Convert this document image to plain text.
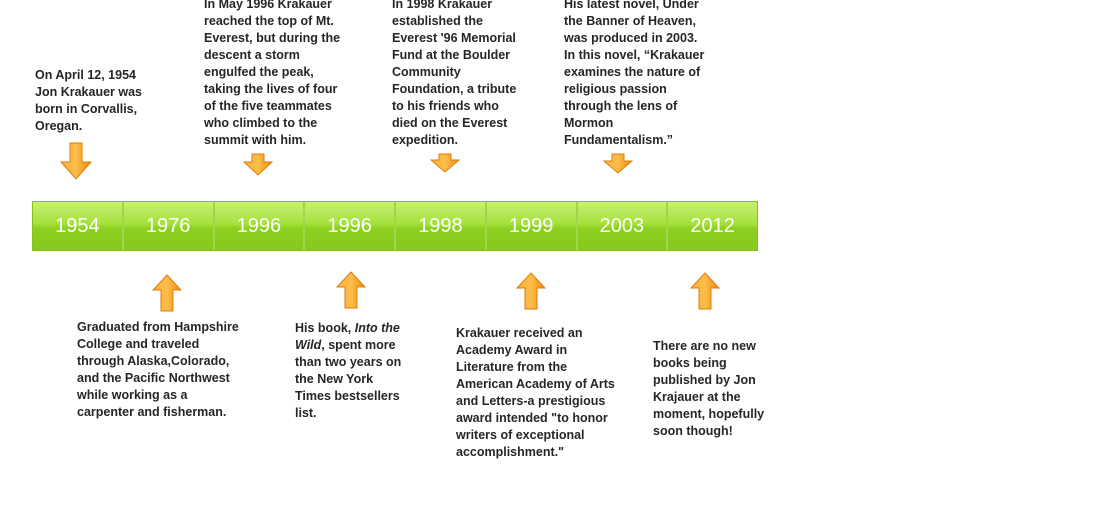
On April 12, 1954
Jon Krakauer was
born in Corvallis,
Oregan.
In May 1996 Krakauer
reached the top of Mt.
Everest, but during the
descent a storm
engulfed the peak,
taking the lives of four
of the five teammates
who climbed to the
summit with him.
In 1998 Krakauer
established the
Everest '96 Memorial
Fund at the Boulder
Community
Foundation, a tribute
to his friends who
died on the Everest
expedition.
His latest novel, Under
the Banner of Heaven,
was produced in 2003.
In this novel, “Krakauer
examines the nature of
religious passion
through the lens of
Mormon
Fundamentalism.”
1954	1976	1996	1996	1998	1999	2003	2012
Graduated from Hampshire
College and traveled
through Alaska,Colorado,
and the Pacific Northwest
while working as a
carpenter and fisherman.
His book, Into the
Wild, spent more
than two years on
the New York
Times bestsellers
list.
Krakauer received an
Academy Award in
Literature from the
American Academy of Arts
and Letters-a prestigious
award intended "to honor
writers of exceptional
accomplishment."
There are no new
books being
published by Jon
Krajauer at the
moment, hopefully
soon though!
